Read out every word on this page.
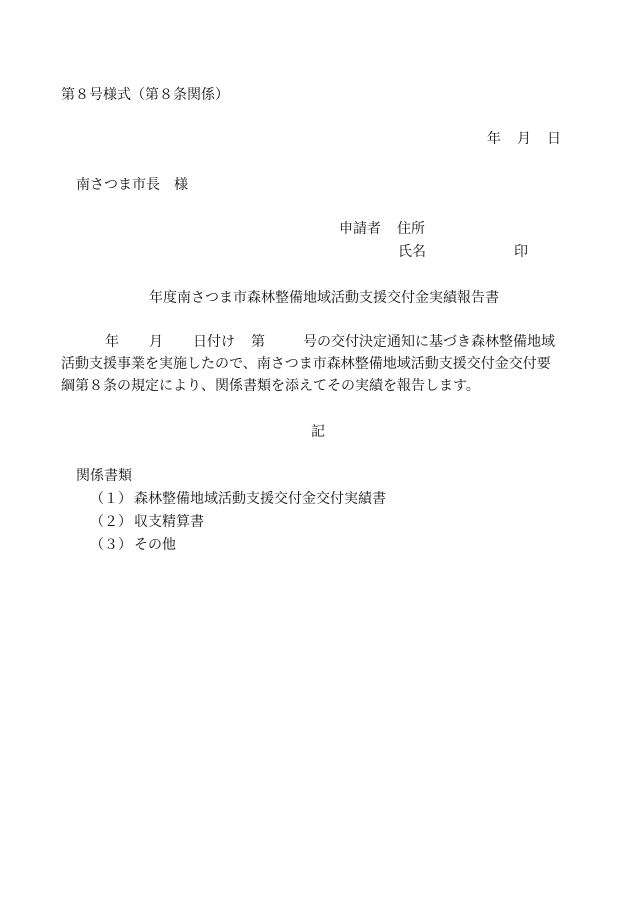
第８号様式（第８条関係）
年 月 日
南さつま市長　様
申請者 住所
氏名	印
年度南さつま市森林整備地域活動支援交付金実績報告書
年 月 日付け 第	号の交付決定通知に基づき森林整備地域
活動支援事業を実施したので、南さつま市森林整備地域活動支援交付金交付要
綱第８条の規定により、関係書類を添えてその実績を報告します。
記
関係書類
（１） 森林整備地域活動支援交付金交付実績書
（２） 収支精算書
（３） その他
